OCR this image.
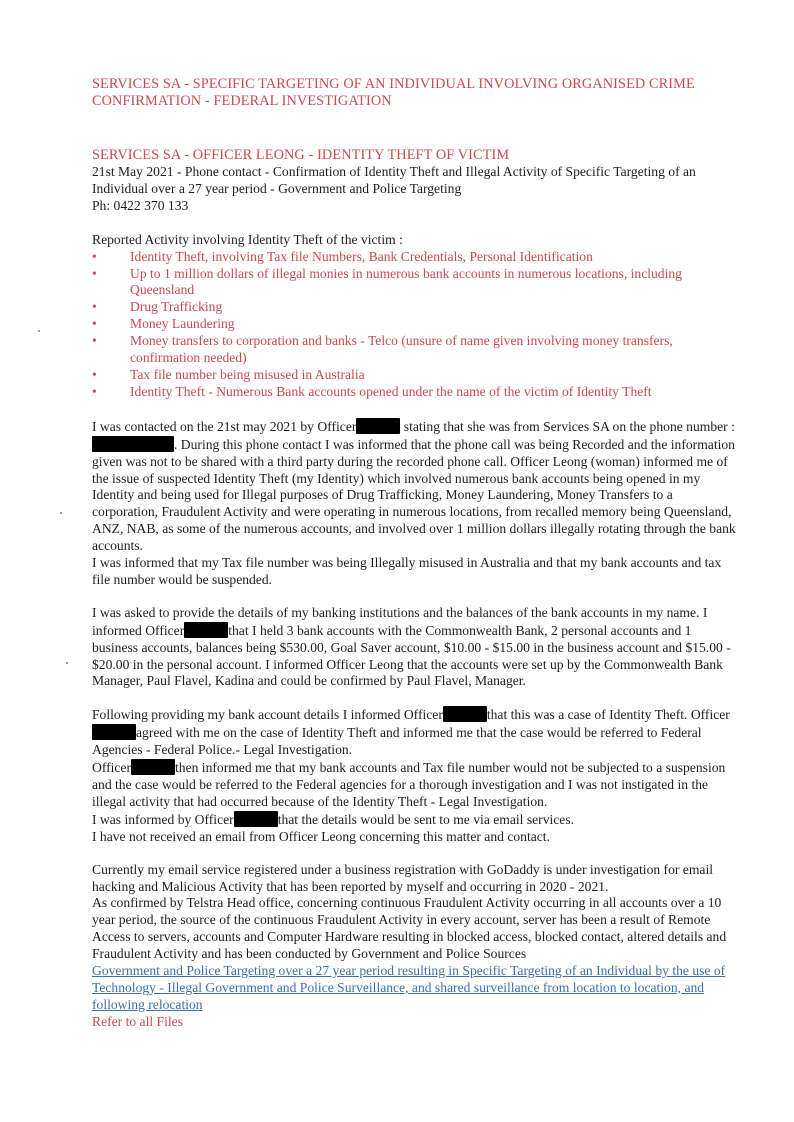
SERVICES SA - SPECIFIC TARGETING OF AN INDIVIDUAL INVOLVING ORGANISED CRIME CONFIRMATION - FEDERAL INVESTIGATION
SERVICES SA - OFFICER LEONG - IDENTITY THEFT OF VICTIM
21st May 2021 - Phone contact - Confirmation of Identity Theft and Illegal Activity of Specific Targeting of an Individual over a 27 year period - Government and Police Targeting
Ph: 0422 370 133
Reported Activity involving Identity Theft of the victim :
• Identity Theft, involving Tax file Numbers, Bank Credentials, Personal Identification
• Up to 1 million dollars of illegal monies in numerous bank accounts in numerous locations, including Queensland
• Drug Trafficking
• Money Laundering
• Money transfers to corporation and banks - Telco (unsure of name given involving money transfers, confirmation needed)
• Tax file number being misused in Australia
• Identity Theft - Numerous Bank accounts opened under the name of the victim of Identity Theft
I was contacted on the 21st may 2021 by Officer	stating that she was from Services SA on the phone number : . During this phone contact I was informed that the phone call was being Recorded and the information given was not to be shared with a third party during the recorded phone call. Officer Leong (woman) informed me of the issue of suspected Identity Theft (my Identity) which involved numerous bank accounts being opened in my Identity and being used for Illegal purposes of Drug Trafficking, Money Laundering, Money Transfers to a corporation, Fraudulent Activity and were operating in numerous locations, from recalled memory being Queensland, ANZ, NAB, as some of the numerous accounts, and involved over 1 million dollars illegally rotating through the bank accounts.
I was informed that my Tax file number was being Illegally misused in Australia and that my bank accounts and tax file number would be suspended.
I was asked to provide the details of my banking institutions and the balances of the bank accounts in my name. I informed Officer	that I held 3 bank accounts with the Commonwealth Bank, 2 personal accounts and 1 business accounts, balances being $530.00, Goal Saver account, $10.00 - $15.00 in the business account and $15.00 - $20.00 in the personal account. I informed Officer Leong that the accounts were set up by the Commonwealth Bank Manager, Paul Flavel, Kadina and could be confirmed by Paul Flavel, Manager.
Following providing my bank account details I informed Officer	that this was a case of Identity Theft. Officeragreed with me on the case of Identity Theft and informed me that the case would be referred to Federal Agencies - Federal Police.- Legal Investigation.
Officer	then informed me that my bank accounts and Tax file number would not be subjected to a suspension and the case would be referred to the Federal agencies for a thorough investigation and I was not instigated in the illegal activity that had occurred because of the Identity Theft - Legal Investigation.
I was informed by Officer	that the details would be sent to me via email services.
I have not received an email from Officer Leong concerning this matter and contact.
Currently my email service registered under a business registration with GoDaddy is under investigation for email hacking and Malicious Activity that has been reported by myself and occurring in 2020 - 2021.
As confirmed by Telstra Head office, concerning continuous Fraudulent Activity occurring in all accounts over a 10 year period, the source of the continuous Fraudulent Activity in every account, server has been a result of Remote Access to servers, accounts and Computer Hardware resulting in blocked access, blocked contact, altered details and Fraudulent Activity and has been conducted by Government and Police Sources
Government and Police Targeting over a 27 year period resulting in Specific Targeting of an Individual by the use of Technology - Illegal Government and Police Surveillance, and shared surveillance from location to location, and following relocation
Refer to all Files
